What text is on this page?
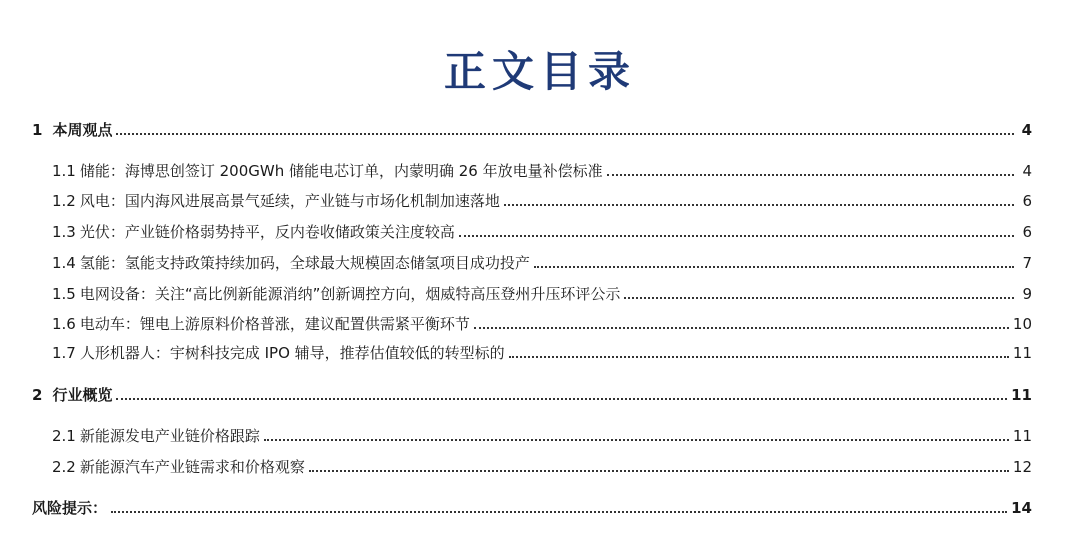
正文目录
1 本周观点	4
1.1 储能：海博思创签订 200GWh 储能电芯订单，内蒙明确 26 年放电量补偿标准	4
1.2 风电：国内海风进展高景气延续，产业链与市场化机制加速落地	6
1.3 光伏：产业链价格弱势持平，反内卷收储政策关注度较高	6
1.4 氢能：氢能支持政策持续加码，全球最大规模固态储氢项目成功投产	7
1.5 电网设备：关注“高比例新能源消纳”创新调控方向，烟威特高压登州升压环评公示	9
1.6 电动车：锂电上游原料价格普涨，建议配置供需紧平衡环节	10
1.7 人形机器人：宇树科技完成 IPO 辅导，推荐估值较低的转型标的	11
2 行业概览	11
2.1 新能源发电产业链价格跟踪	11
2.2 新能源汽车产业链需求和价格观察	12
风险提示：	14
